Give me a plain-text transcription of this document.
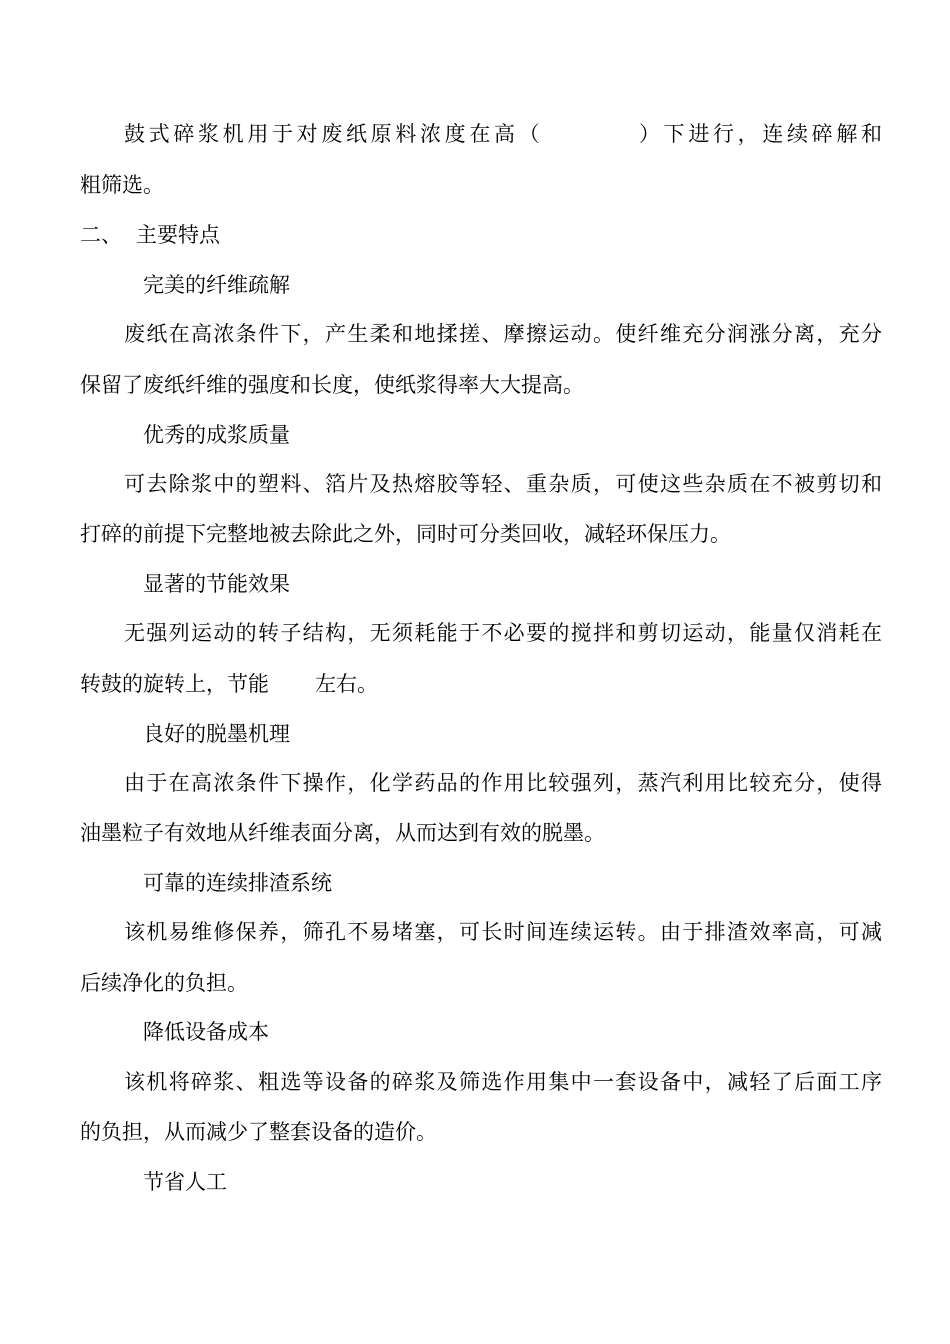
鼓式碎浆机用于对废纸原料浓度在高（	）下进行，连续碎解和
粗筛选。
二、 主要特点
完美的纤维疏解
废纸在高浓条件下，产生柔和地揉搓、摩擦运动。使纤维充分润涨分离，充分
保留了废纸纤维的强度和长度，使纸浆得率大大提高。
优秀的成浆质量
可去除浆中的塑料、箔片及热熔胶等轻、重杂质，可使这些杂质在不被剪切和
打碎的前提下完整地被去除此之外，同时可分类回收，减轻环保压力。
显著的节能效果
无强列运动的转子结构，无须耗能于不必要的搅拌和剪切运动，能量仅消耗在
转鼓的旋转上，节能 左右。
良好的脱墨机理
由于在高浓条件下操作，化学药品的作用比较强列，蒸汽利用比较充分，使得
油墨粒子有效地从纤维表面分离，从而达到有效的脱墨。
可靠的连续排渣系统
该机易维修保养，筛孔不易堵塞，可长时间连续运转。由于排渣效率高，可减
后续净化的负担。
降低设备成本
该机将碎浆、粗选等设备的碎浆及筛选作用集中一套设备中，减轻了后面工序
的负担，从而减少了整套设备的造价。
节省人工
